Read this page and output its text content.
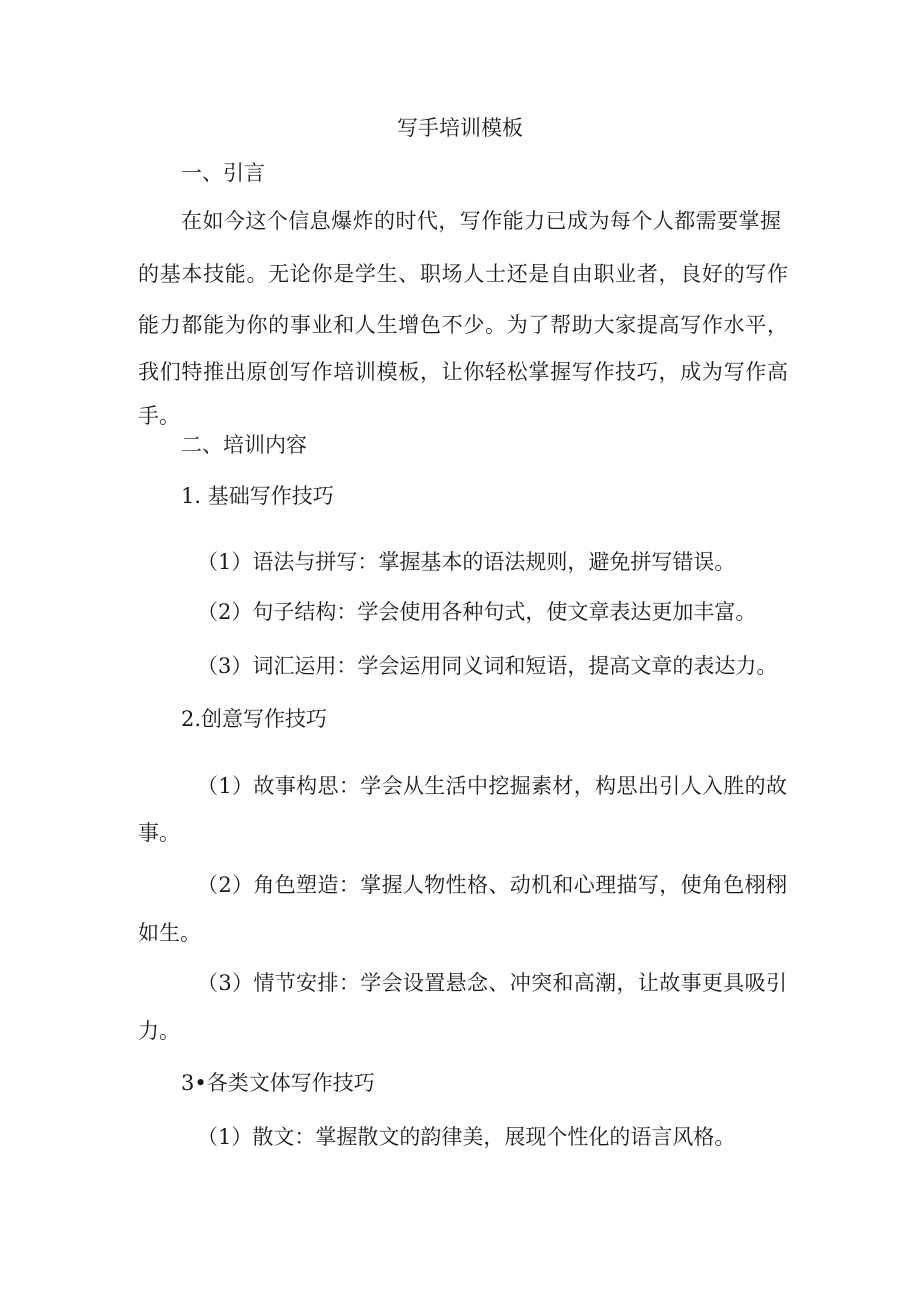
写手培训模板
一、引言
在如今这个信息爆炸的时代，写作能力已成为每个人都需要掌握
的基本技能。无论你是学生、职场人士还是自由职业者，良好的写作
能力都能为你的事业和人生增色不少。为了帮助大家提高写作水平，
我们特推出原创写作培训模板，让你轻松掌握写作技巧，成为写作高
手。
二、培训内容
1. 基础写作技巧
（1）语法与拼写：掌握基本的语法规则，避免拼写错误。
（2）句子结构：学会使用各种句式，使文章表达更加丰富。
（3）词汇运用：学会运用同义词和短语，提高文章的表达力。
2.创意写作技巧
（1）故事构思：学会从生活中挖掘素材，构思出引人入胜的故
事。
（2）角色塑造：掌握人物性格、动机和心理描写，使角色栩栩
如生。
（3）情节安排：学会设置悬念、冲突和高潮，让故事更具吸引
力。
3•各类文体写作技巧
（1）散文：掌握散文的韵律美，展现个性化的语言风格。
